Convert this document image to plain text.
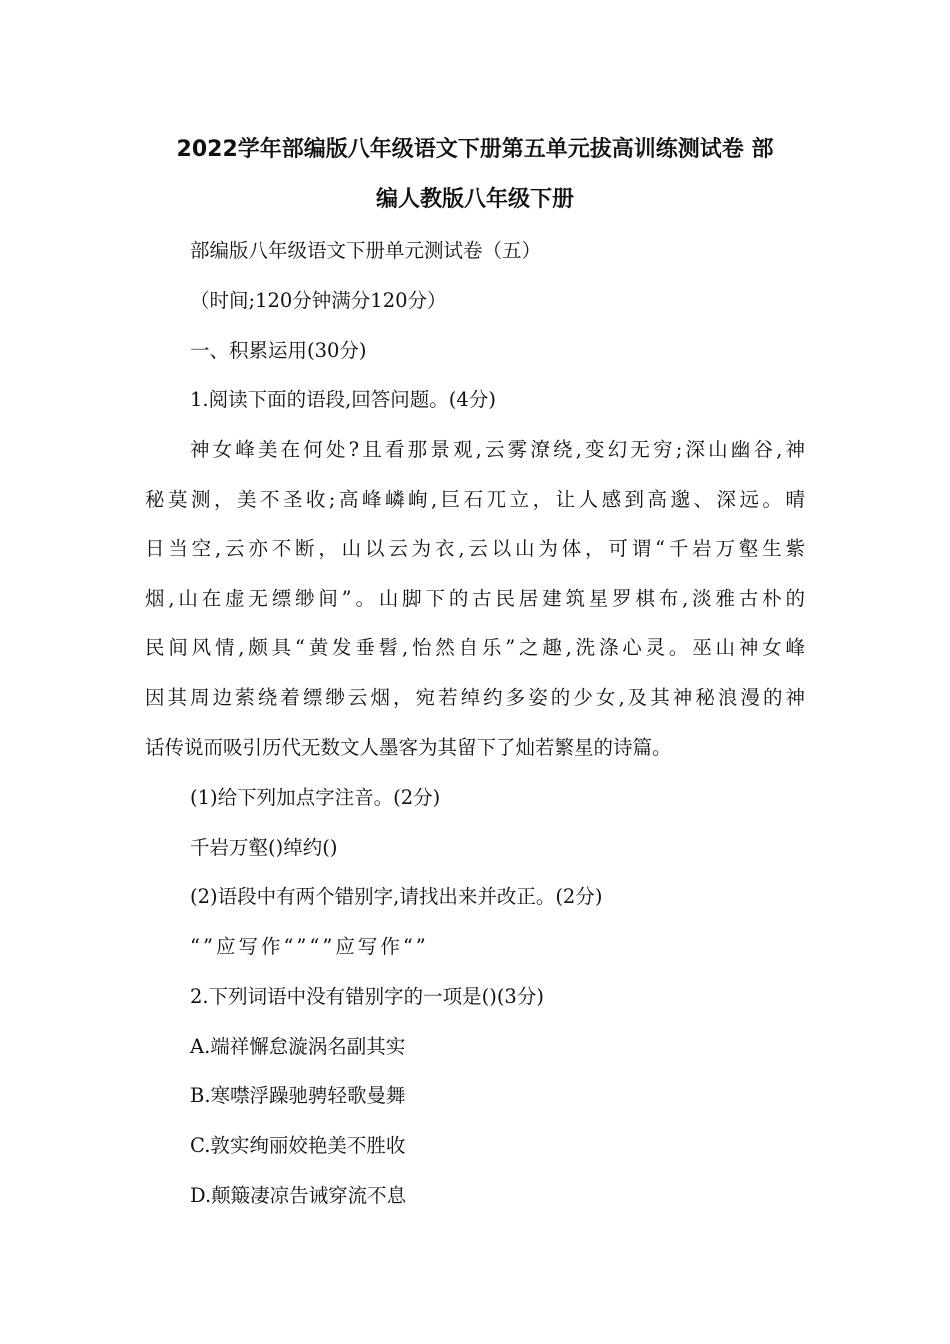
2022学年部编版八年级语文下册第五单元拔高训练测试卷 部
编人教版八年级下册
部编版八年级语文下册单元测试卷（五）
（时间;120分钟满分120分）
一、积累运用(30分)
1.阅读下面的语段,回答问题。(4分)
神女峰美在何处?且看那景观,云雾潦绕,变幻无穷;深山幽谷,神
秘莫测，美不圣收;高峰嶙峋,巨石兀立，让人感到高邈、深远。晴
日当空,云亦不断，山以云为衣,云以山为体，可谓“千岩万壑生紫
烟,山在虚无缥缈间”。山脚下的古民居建筑星罗棋布,淡雅古朴的
民间风情,颇具“黄发垂髫,怡然自乐”之趣,洗涤心灵。巫山神女峰
因其周边萦绕着缥缈云烟，宛若绰约多姿的少女,及其神秘浪漫的神
话传说而吸引历代无数文人墨客为其留下了灿若繁星的诗篇。
(1)给下列加点字注音。(2分)
千岩万壑()绰约()
(2)语段中有两个错别字,请找出来并改正。(2分)
“”应写作“”“”应写作“”
2.下列词语中没有错别字的一项是()(3分)
A.端祥懈怠漩涡名副其实
B.寒噤浮躁驰骋轻歌曼舞
C.敦实绚丽姣艳美不胜收
D.颠簸凄凉告诫穿流不息
